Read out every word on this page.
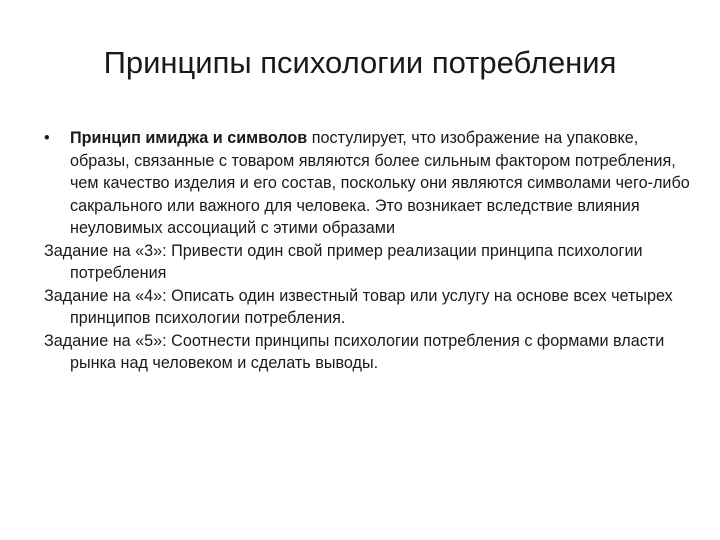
Принципы психологии потребления

• Принцип имиджа и символов постулирует, что изображение на упаковке, образы, связанные с товаром являются более сильным фактором потребления, чем качество изделия и его состав, поскольку они являются символами чего-либо сакрального или важного для человека. Это возникает вследствие влияния неуловимых ассоциаций с этими образами

Задание на «3»: Привести один свой пример реализации принципа психологии потребления

Задание на «4»: Описать один известный товар или услугу на основе всех четырех принципов психологии потребления.

Задание на «5»: Соотнести принципы психологии потребления с формами власти рынка над человеком и сделать выводы.
